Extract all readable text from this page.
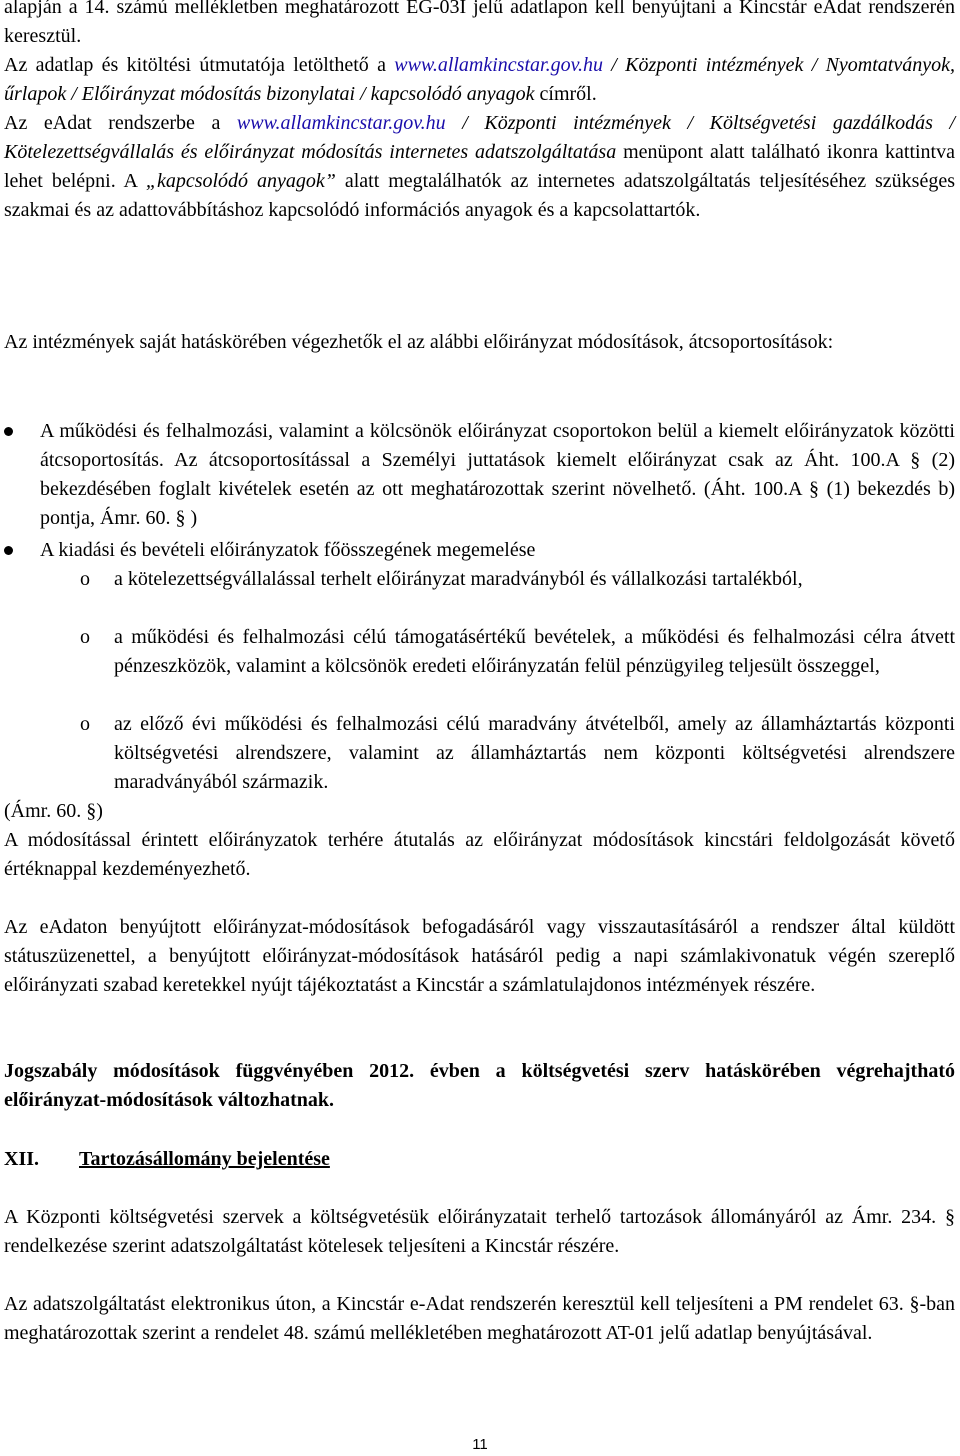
alapján a 14. számú mellékletben meghatározott EG-03I jelű adatlapon kell benyújtani a Kincstár eAdat rendszerén keresztül.

Az adatlap és kitöltési útmutatója letölthető a www.allamkincstar.gov.hu / Központi intézmények / Nyomtatványok, űrlapok / Előirányzat módosítás bizonylatai / kapcsolódó anyagok címről.

Az eAdat rendszerbe a www.allamkincstar.gov.hu / Központi intézmények / Költségvetési gazdálkodás / Kötelezettségvállalás és előirányzat módosítás internetes adatszolgáltatása menüpont alatt található ikonra kattintva lehet belépni. A „kapcsolódó anyagok” alatt megtalálhatók az internetes adatszolgáltatás teljesítéséhez szükséges szakmai és az adattovábbításhoz kapcsolódó információs anyagok és a kapcsolattartók.

Az intézmények saját hatáskörében végezhetők el az alábbi előirányzat módosítások, átcsoportosítások:
A működési és felhalmozási, valamint a kölcsönök előirányzat csoportokon belül a kiemelt előirányzatok közötti átcsoportosítás. Az átcsoportosítással a Személyi juttatások kiemelt előirányzat csak az Áht. 100.A § (2) bekezdésében foglalt kivételek esetén az ott meghatározottak szerint növelhető. (Áht. 100.A § (1) bekezdés b) pontja, Ámr. 60. § )
A kiadási és bevételi előirányzatok főösszegének megemelése
o a kötelezettségvállalással terhelt előirányzat maradványból és vállalkozási tartalékból,
o a működési és felhalmozási célú támogatásértékű bevételek, a működési és felhalmozási célra átvett pénzeszközök, valamint a kölcsönök eredeti előirányzatán felül pénzügyileg teljesült összeggel,
o az előző évi működési és felhalmozási célú maradvány átvételből, amely az államháztartás központi költségvetési alrendszere, valamint az államháztartás nem központi költségvetési alrendszere maradványából származik.
(Ámr. 60. §)
A módosítással érintett előirányzatok terhére átutalás az előirányzat módosítások kincstári feldolgozását követő értéknappal kezdeményezhető.
Az eAdaton benyújtott előirányzat-módosítások befogadásáról vagy visszautasításáról a rendszer által küldött státuszüzenettel, a benyújtott előirányzat-módosítások hatásáról pedig a napi számlakivonatuk végén szereplő előirányzati szabad keretekkel nyújt tájékoztatást a Kincstár a számlatulajdonos intézmények részére.
Jogszabály módosítások függvényében 2012. évben a költségvetési szerv hatáskörében végrehajtható előirányzat-módosítások változhatnak.
XII. Tartozásállomány bejelentése
A Központi költségvetési szervek a költségvetésük előirányzatait terhelő tartozások állományáról az Ámr. 234. § rendelkezése szerint adatszolgáltatást kötelesek teljesíteni a Kincstár részére.
Az adatszolgáltatást elektronikus úton, a Kincstár e-Adat rendszerén keresztül kell teljesíteni a PM rendelet 63. §-ban meghatározottak szerint a rendelet 48. számú mellékletében meghatározott AT-01 jelű adatlap benyújtásával.
11
